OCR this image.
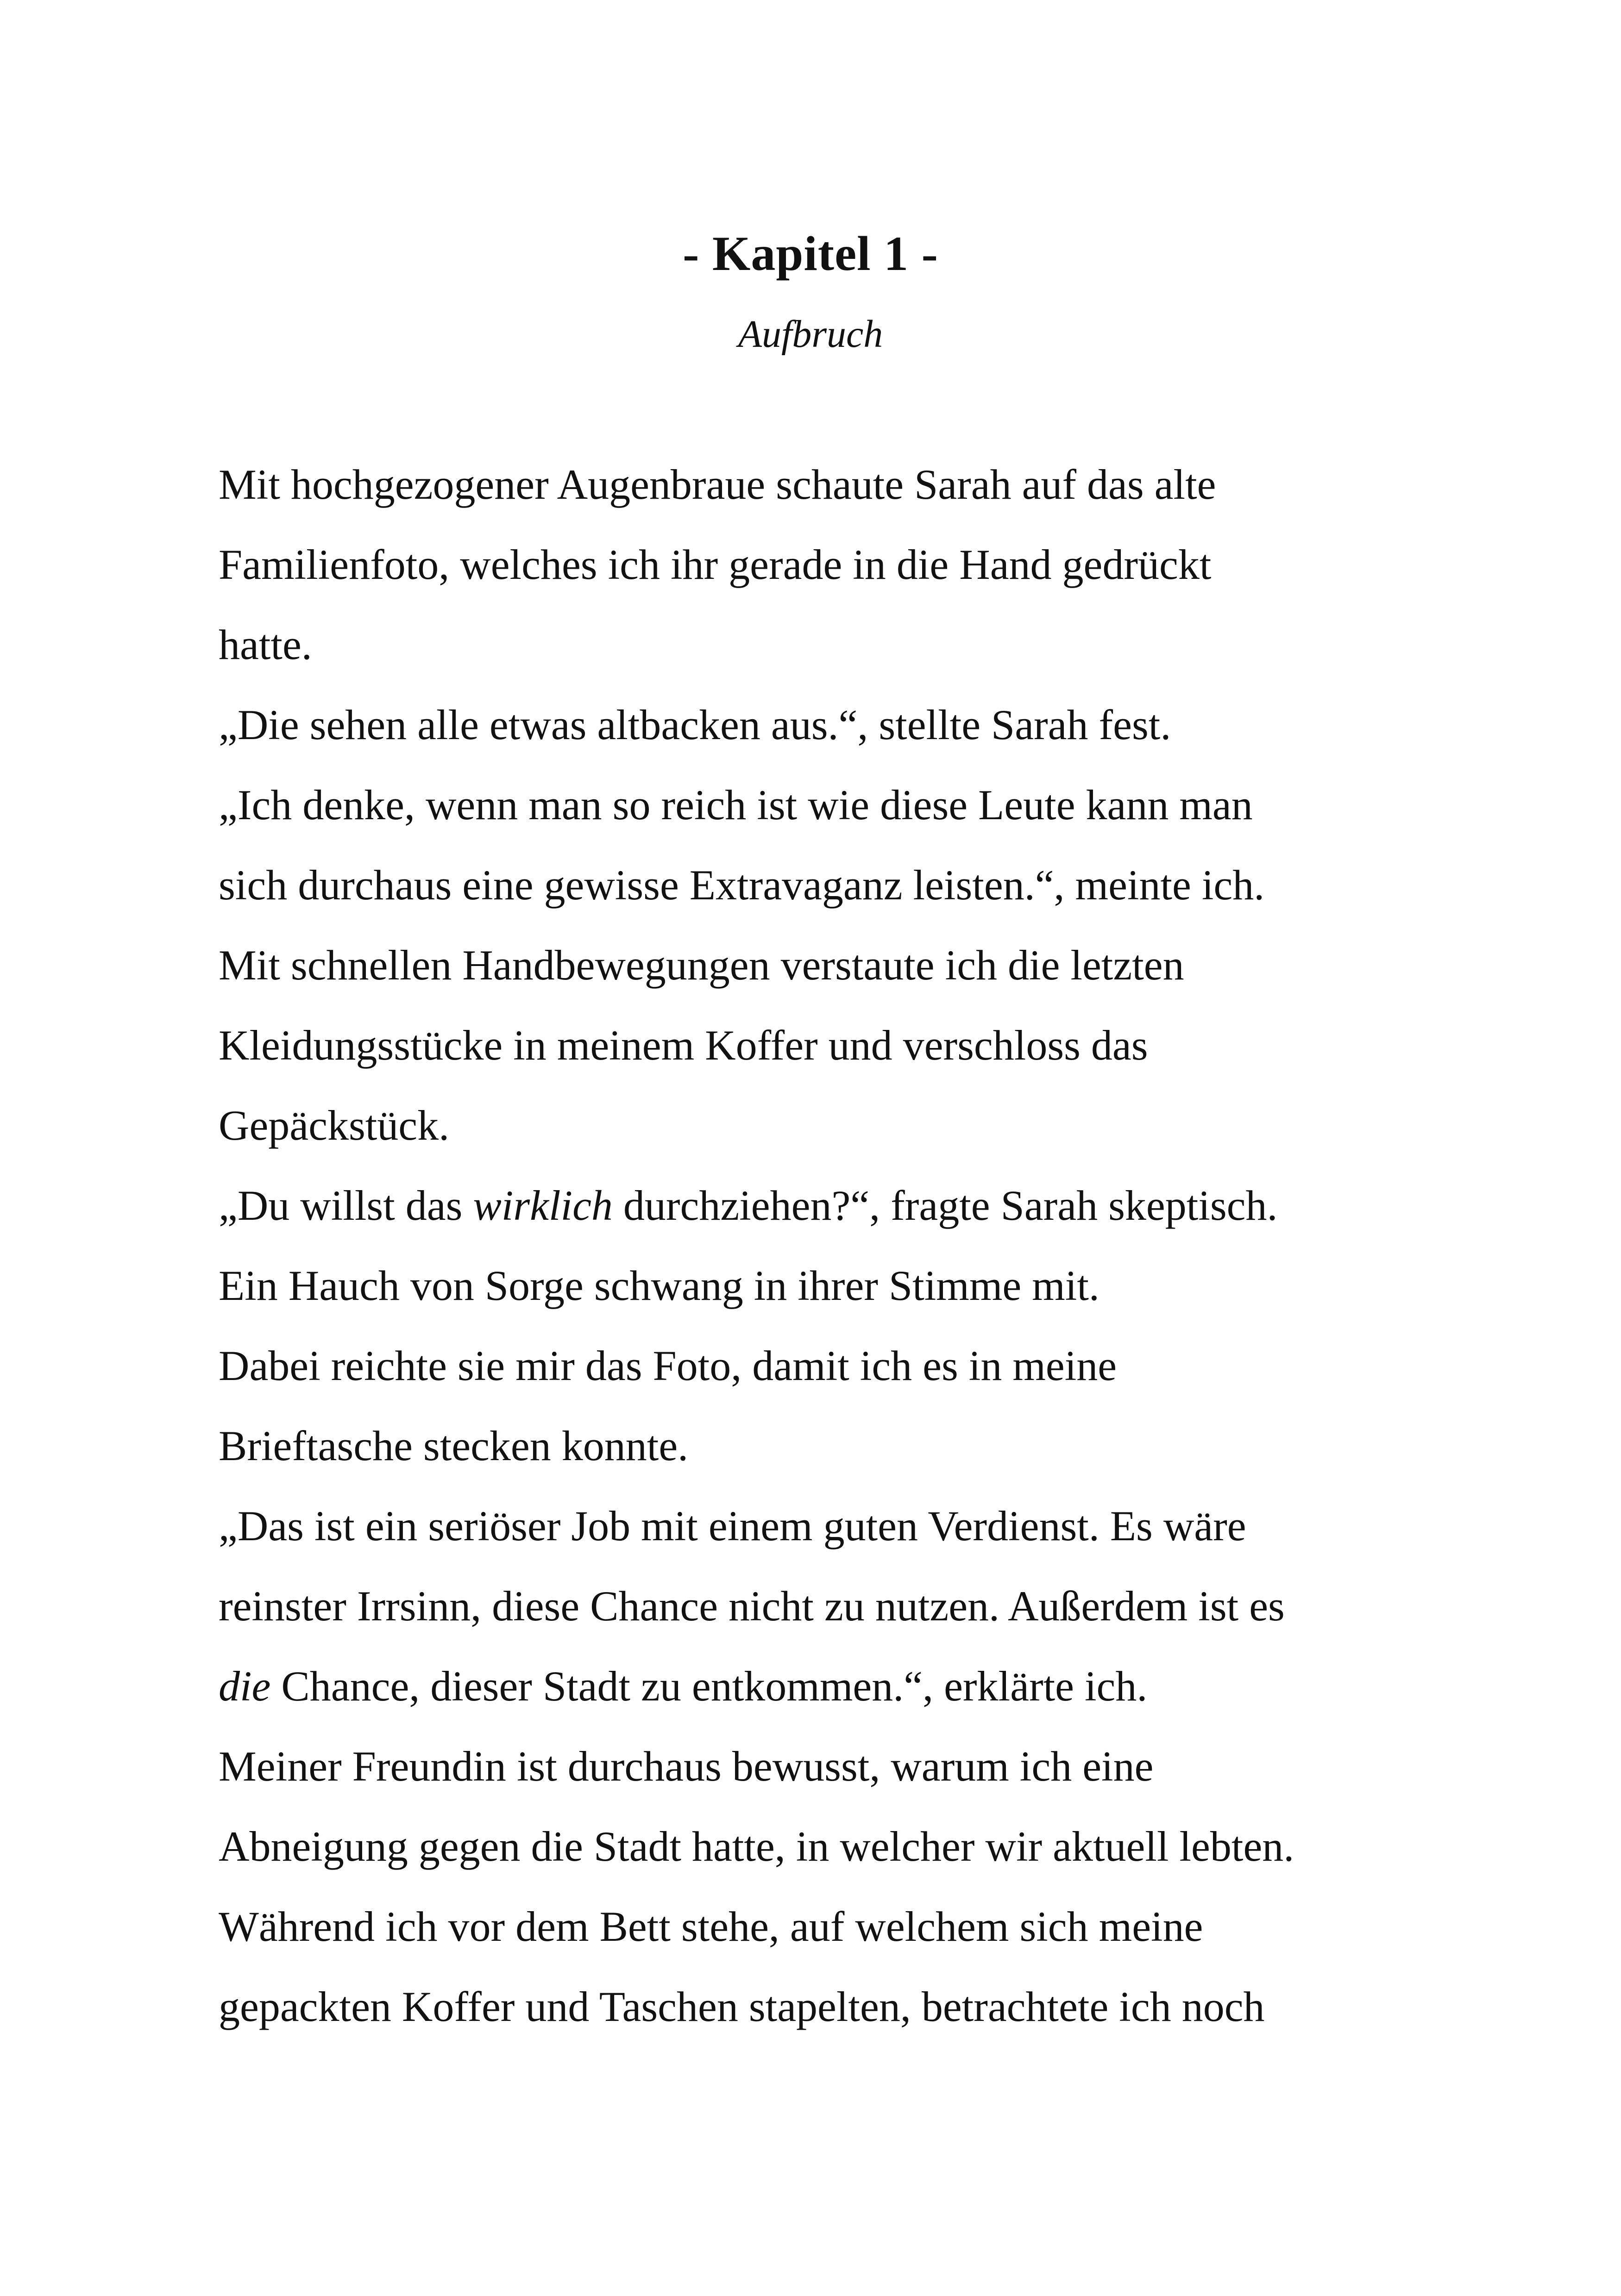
- Kapitel 1 -
Aufbruch
Mit hochgezogener Augenbraue schaute Sarah auf das alte
Familienfoto, welches ich ihr gerade in die Hand gedrückt
hatte.
„Die sehen alle etwas altbacken aus.“, stellte Sarah fest.
„Ich denke, wenn man so reich ist wie diese Leute kann man
sich durchaus eine gewisse Extravaganz leisten.“, meinte ich.
Mit schnellen Handbewegungen verstaute ich die letzten
Kleidungsstücke in meinem Koffer und verschloss das
Gepäckstück.
„Du willst das wirklich durchziehen?“, fragte Sarah skeptisch.
Ein Hauch von Sorge schwang in ihrer Stimme mit.
Dabei reichte sie mir das Foto, damit ich es in meine
Brieftasche stecken konnte.
„Das ist ein seriöser Job mit einem guten Verdienst. Es wäre
reinster Irrsinn, diese Chance nicht zu nutzen. Außerdem ist es
die Chance, dieser Stadt zu entkommen.“, erklärte ich.
Meiner Freundin ist durchaus bewusst, warum ich eine
Abneigung gegen die Stadt hatte, in welcher wir aktuell lebten.
Während ich vor dem Bett stehe, auf welchem sich meine
gepackten Koffer und Taschen stapelten, betrachtete ich noch
